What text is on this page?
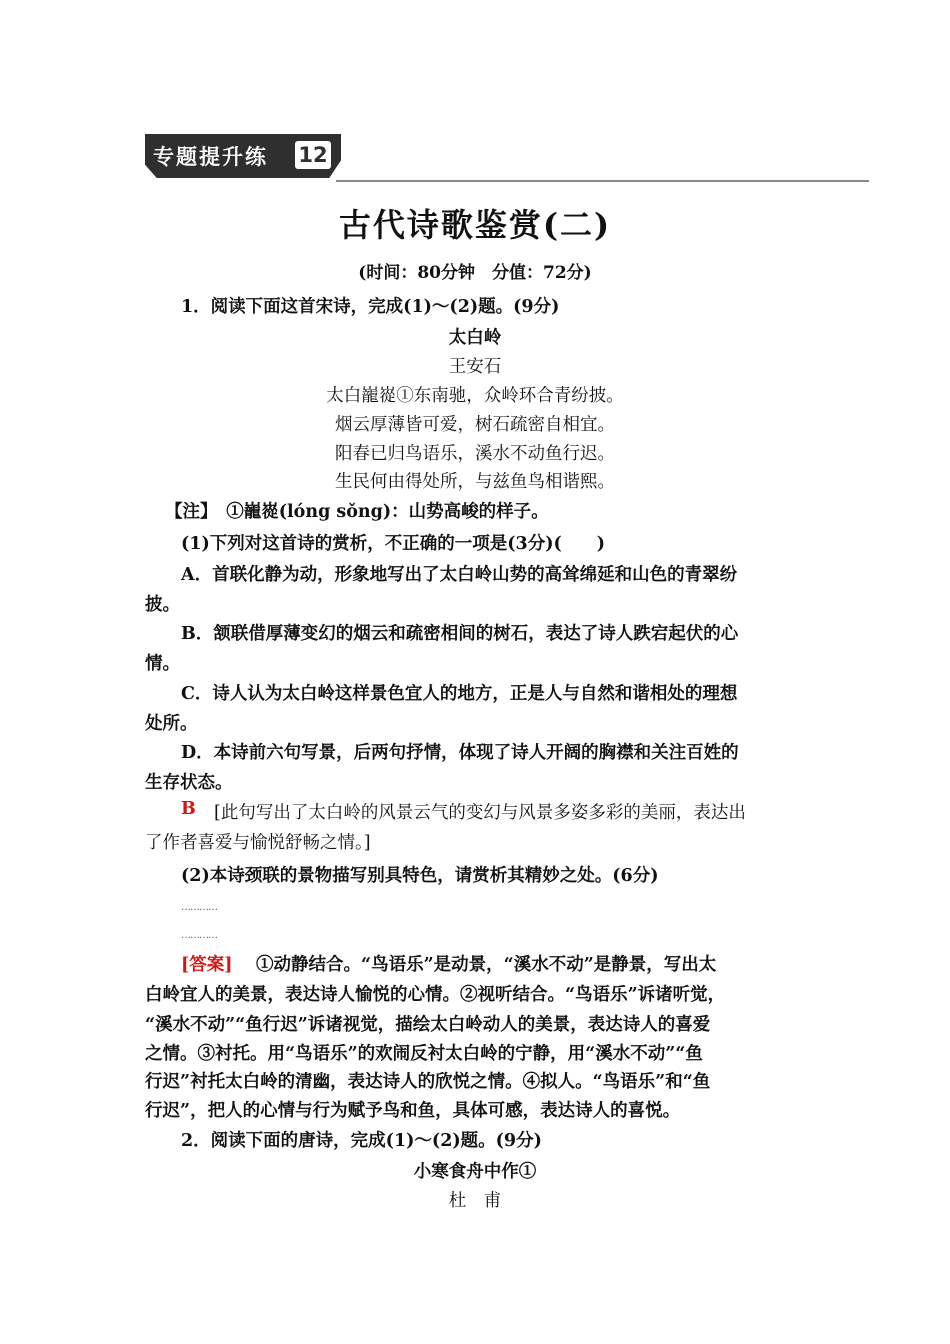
专题提升练 12
古代诗歌鉴赏(二)
(时间：80分钟　分值：72分)
1．阅读下面这首宋诗，完成(1)～(2)题。(9分)
太白岭
王安石
太白巃嵸①东南驰，众岭环合青纷披。
烟云厚薄皆可爱，树石疏密自相宜。
阳春已归鸟语乐，溪水不动鱼行迟。
生民何由得处所，与兹鱼鸟相谐熙。
【注】　①巃嵸(lóng sǒng)：山势高峻的样子。
(1)下列对这首诗的赏析，不正确的一项是(3分)(　　)
A．首联化静为动，形象地写出了太白岭山势的高耸绵延和山色的青翠纷
披。
B．颔联借厚薄变幻的烟云和疏密相间的树石，表达了诗人跌宕起伏的心
情。
C．诗人认为太白岭这样景色宜人的地方，正是人与自然和谐相处的理想
处所。
D．本诗前六句写景，后两句抒情，体现了诗人开阔的胸襟和关注百姓的
生存状态。
B [此句写出了太白岭的风景云气的变幻与风景多姿多彩的美丽，表达出
了作者喜爱与愉悦舒畅之情。]
(2)本诗颈联的景物描写别具特色，请赏析其精妙之处。(6分)
…………
…………
[答案] ①动静结合。“鸟语乐”是动景，“溪水不动”是静景，写出太
白岭宜人的美景，表达诗人愉悦的心情。②视听结合。“鸟语乐”诉诸听觉，
“溪水不动”“鱼行迟”诉诸视觉，描绘太白岭动人的美景，表达诗人的喜爱
之情。③衬托。用“鸟语乐”的欢闹反衬太白岭的宁静，用“溪水不动”“鱼
行迟”衬托太白岭的清幽，表达诗人的欣悦之情。④拟人。“鸟语乐”和“鱼
行迟”，把人的心情与行为赋予鸟和鱼，具体可感，表达诗人的喜悦。
2．阅读下面的唐诗，完成(1)～(2)题。(9分)
小寒食舟中作①
杜　甫
